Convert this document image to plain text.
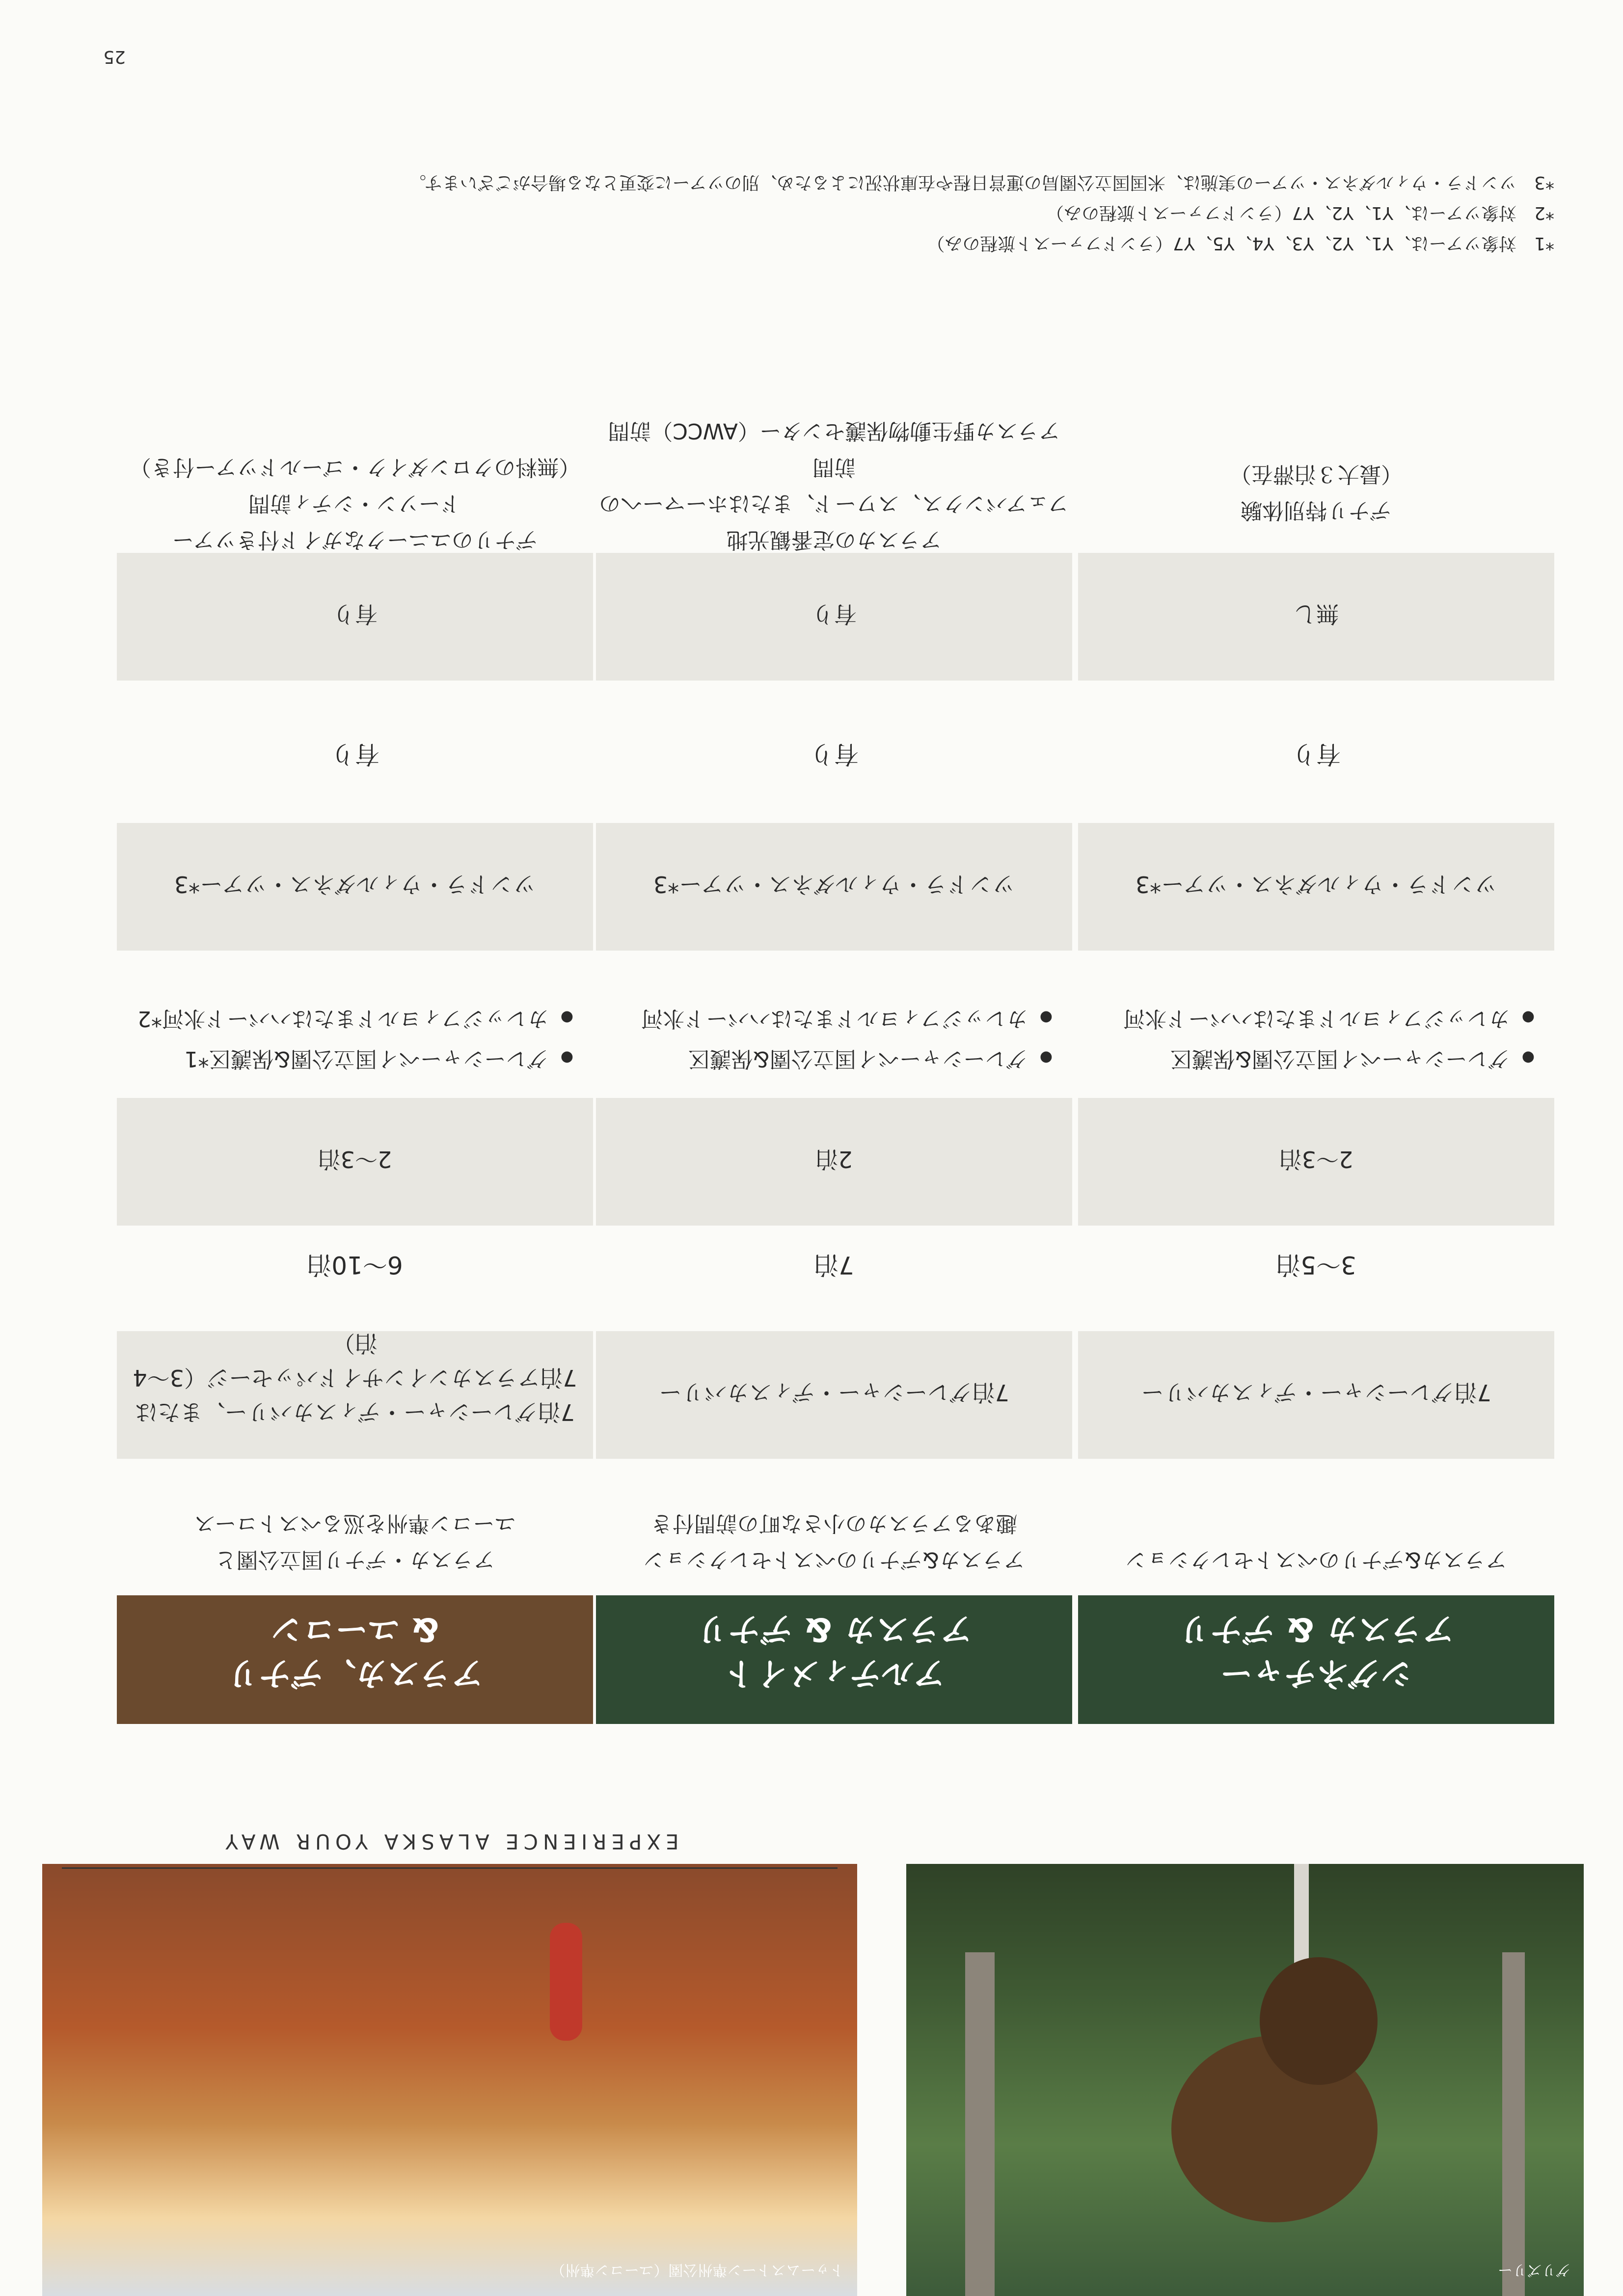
グリズリー
トゥームストーン準州公園（ユーコン準州）
EXPERIENCE ALASKA YOUR WAY
シグネチャー
アラスカ & デナリ
アラスカ&デナリのベストセレクション
7泊グレーシャー・ディスカバリー
3〜5泊
2〜3泊
● グレーシャーベイ国立公園&保護区
● カレッジフィヨルドまたはハバード氷河
ツンドラ・ウィルダネス・ツアー*3
有り
無し
デナリ特別体験
（最大３泊滞在）
アルティメイト
アラスカ & デナリ
アラスカ&デナリのベストセレクション
趣あるアラスカの小さな町の訪問付き
7泊グレーシャー・ディスカバリー
7泊
2泊
● グレーシャーベイ国立公園&保護区
● カレッジフィヨルドまたはハバード氷河
ツンドラ・ウィルダネス・ツアー*3
有り
有り
アラスカの定番観光地
フェアバンクス、スワード、またはホーマーへの訪問
アラスカ野生動物保護センター（AWCC）訪問
アラスカ、デナリ
& ユーコン
アラスカ・デナリ国立公園と
ユーコン準州を巡るベストコース
7泊グレーシャー・ディスカバリー、または
7泊アラスカンインサイドパッセージ（3〜4泊）
6〜10泊
2〜3泊
● グレーシャーベイ国立公園&保護区*1
● カレッジフィヨルドまたはハバード氷河*2
ツンドラ・ウィルダネス・ツアー*3
有り
有り
デナリのユニークなガイド付きツアー
ドーソン・シティ訪問
（無料のクロンダイク・ゴールドツアー付き）
*1　対象ツアーは、Y1、Y2、Y3、Y4、Y5、Y7（ランドファースト旅程のみ）
*2　対象ツアーは、Y1、Y2、Y7（ランドファースト旅程のみ）
*3　ツンドラ・ウィルダネス・ツアーの実施は、米国国立公園局の運営日程や在庫状況によるため、別のツアーに変更となる場合がございます。
25
